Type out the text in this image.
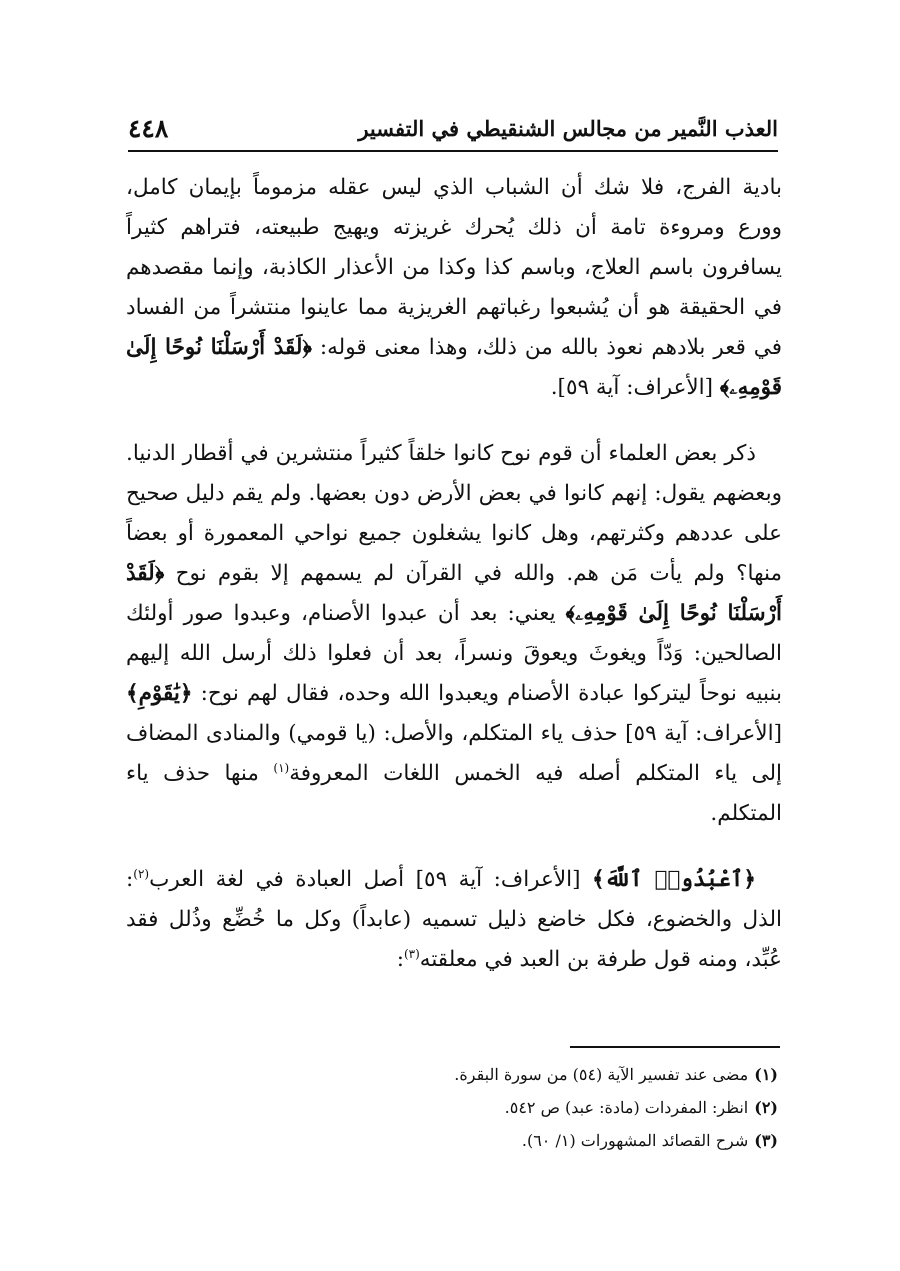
العذب النَّمير من مجالس الشنقيطي في التفسير
٤٤٨

بادية الفرج، فلا شك أن الشباب الذي ليس عقله مزموماً بإيمان كامل، وورع ومروءة تامة أن ذلك يُحرك غريزته ويهيج طبيعته، فتراهم كثيراً يسافرون باسم العلاج، وباسم كذا وكذا من الأعذار الكاذبة، وإنما مقصدهم في الحقيقة هو أن يُشبعوا رغباتهم الغريزية مما عاينوا منتشراً من الفساد في قعر بلادهم نعوذ بالله من ذلك، وهذا معنى قوله: ﴿لَقَدْ أَرْسَلْنَا نُوحًا إِلَىٰ قَوْمِهِۦ﴾ [الأعراف: آية ٥٩].

ذكر بعض العلماء أن قوم نوح كانوا خلقاً كثيراً منتشرين في أقطار الدنيا. وبعضهم يقول: إنهم كانوا في بعض الأرض دون بعضها. ولم يقم دليل صحيح على عددهم وكثرتهم، وهل كانوا يشغلون جميع نواحي المعمورة أو بعضاً منها؟ ولم يأت مَن هم. والله في القرآن لم يسمهم إلا بقوم نوح ﴿لَقَدْ أَرْسَلْنَا نُوحًا إِلَىٰ قَوْمِهِۦ﴾ يعني: بعد أن عبدوا الأصنام، وعبدوا صور أولئك الصالحين: وَدّاً ويغوثَ ويعوقَ ونسراً، بعد أن فعلوا ذلك أرسل الله إليهم بنبيه نوحاً ليتركوا عبادة الأصنام ويعبدوا الله وحده، فقال لهم نوح: ﴿يَٰقَوْمِ﴾ [الأعراف: آية ٥٩] حذف ياء المتكلم، والأصل: (يا قومي) والمنادى المضاف إلى ياء المتكلم أصله فيه الخمس اللغات المعروفة$^{(١)}$ منها حذف ياء المتكلم.

﴿ٱعْبُدُوا۟ ٱللَّهَ﴾ [الأعراف: آية ٥٩] أصل العبادة في لغة العرب$^{(٢)}$: الذل والخضوع، فكل خاضع ذليل تسميه (عابداً) وكل ما خُضِّع وذُلل فقد عُبِّد، ومنه قول طرفة بن العبد في معلقته$^{(٣)}$:

(١)مضى عند تفسير الآية (٥٤) من سورة البقرة.
(٢)انظر: المفردات (مادة: عبد) ص ٥٤٢.
(٣)شرح القصائد المشهورات (١/ ٦٠).
